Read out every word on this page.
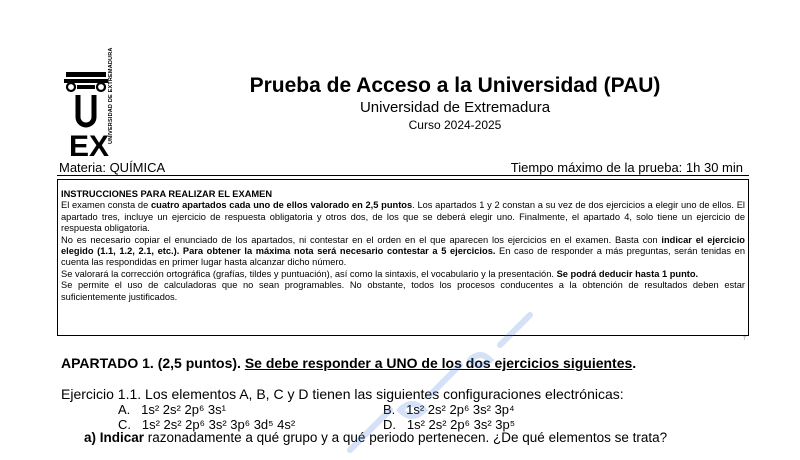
EX
UNIVERSIDAD DE EXTREMADURA	Prueba de Acceso a la Universidad (PAU)
Universidad de Extremadura
Curso 2024-2025
Materia: QUÍMICA	Tiempo máximo de la prueba: 1h 30 min

INSTRUCCIONES PARA REALIZAR EL EXAMEN

El examen consta de cuatro apartados cada uno de ellos valorado en 2,5 puntos. Los apartados 1 y 2 constan a su vez de dos ejercicios a elegir uno de ellos. El apartado tres, incluye un ejercicio de respuesta obligatoria y otros dos, de los que se deberá elegir uno. Finalmente, el apartado 4, solo tiene un ejercicio de respuesta obligatoria.

No es necesario copiar el enunciado de los apartados, ni contestar en el orden en el que aparecen los ejercicios en el examen. Basta con indicar el ejercicio elegido (1.1, 1.2, 2.1, etc.). Para obtener la máxima nota será necesario contestar a 5 ejercicios. En caso de responder a más preguntas, serán tenidas en cuenta las respondidas en primer lugar hasta alcanzar dicho número.

Se valorará la corrección ortográfica (grafías, tildes y puntuación), así como la sintaxis, el vocabulario y la presentación. Se podrá deducir hasta 1 punto.

Se permite el uso de calculadoras que no sean programables. No obstante, todos los procesos conducentes a la obtención de resultados deben estar suficientemente justificados.

7
APARTADO 1. (2,5 puntos). Se debe responder a UNO de los dos ejercicios siguientes.
Ejercicio 1.1. Los elementos A, B, C y D tienen las siguientes configuraciones electrónicas:
A. 1s² 2s² 2p⁶ 3s¹	B. 1s² 2s² 2p⁶ 3s² 3p⁴
C. 1s² 2s² 2p⁶ 3s² 3p⁶ 3d⁵ 4s²	D. 1s² 2s² 2p⁶ 3s² 3p⁵
a) Indicar razonadamente a qué grupo y a qué periodo pertenecen. ¿De qué elementos se trata?
